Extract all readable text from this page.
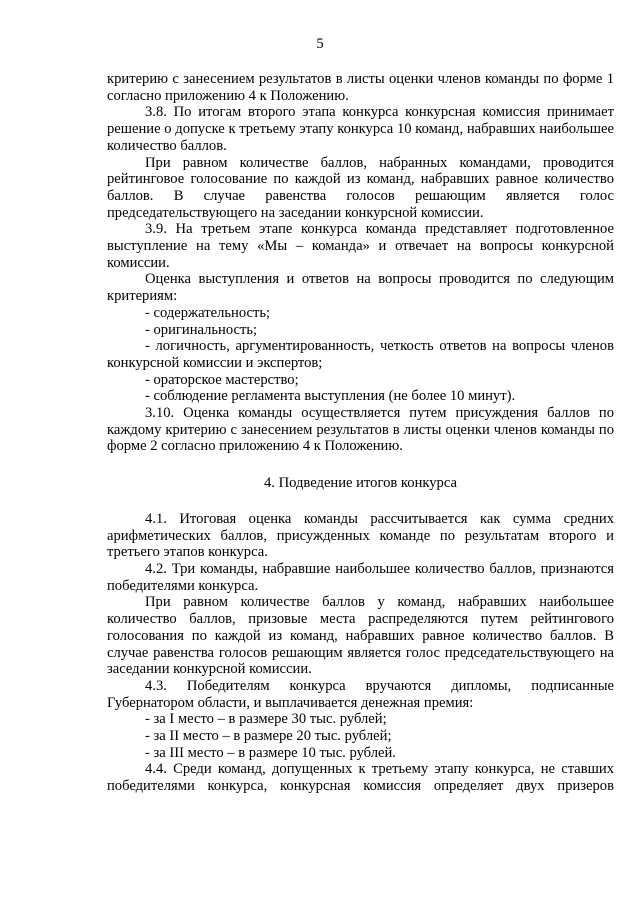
5

критерию с занесением результатов в листы оценки членов команды по форме 1 согласно приложению 4 к Положению.

3.8. По итогам второго этапа конкурса конкурсная комиссия принимает решение о допуске к третьему этапу конкурса 10 команд, набравших наибольшее количество баллов.

При равном количестве баллов, набранных командами, проводится рейтинговое голосование по каждой из команд, набравших равное количество баллов. В случае равенства голосов решающим является голос председательствующего на заседании конкурсной комиссии.

3.9. На третьем этапе конкурса команда представляет подготовленное выступление на тему «Мы – команда» и отвечает на вопросы конкурсной комиссии.

Оценка выступления и ответов на вопросы проводится по следующим критериям:

- содержательность;

- оригинальность;

- логичность, аргументированность, четкость ответов на вопросы членов конкурсной комиссии и экспертов;

- ораторское мастерство;

- соблюдение регламента выступления (не более 10 минут).

3.10. Оценка команды осуществляется путем присуждения баллов по каждому критерию с занесением результатов в листы оценки членов команды по форме 2 согласно приложению 4 к Положению.

4. Подведение итогов конкурса

4.1. Итоговая оценка команды рассчитывается как сумма средних арифметических баллов, присужденных команде по результатам второго и третьего этапов конкурса.

4.2. Три команды, набравшие наибольшее количество баллов, признаются победителями конкурса.

При равном количестве баллов у команд, набравших наибольшее количество баллов, призовые места распределяются путем рейтингового голосования по каждой из команд, набравших равное количество баллов. В случае равенства голосов решающим является голос председательствующего на заседании конкурсной комиссии.

4.3. Победителям конкурса вручаются дипломы, подписанные Губернатором области, и выплачивается денежная премия:

- за I место – в размере 30 тыс. рублей;

- за II место – в размере 20 тыс. рублей;

- за III место – в размере 10 тыс. рублей.

4.4. Среди команд, допущенных к третьему этапу конкурса, не ставших победителями конкурса, конкурсная комиссия определяет двух призеров
